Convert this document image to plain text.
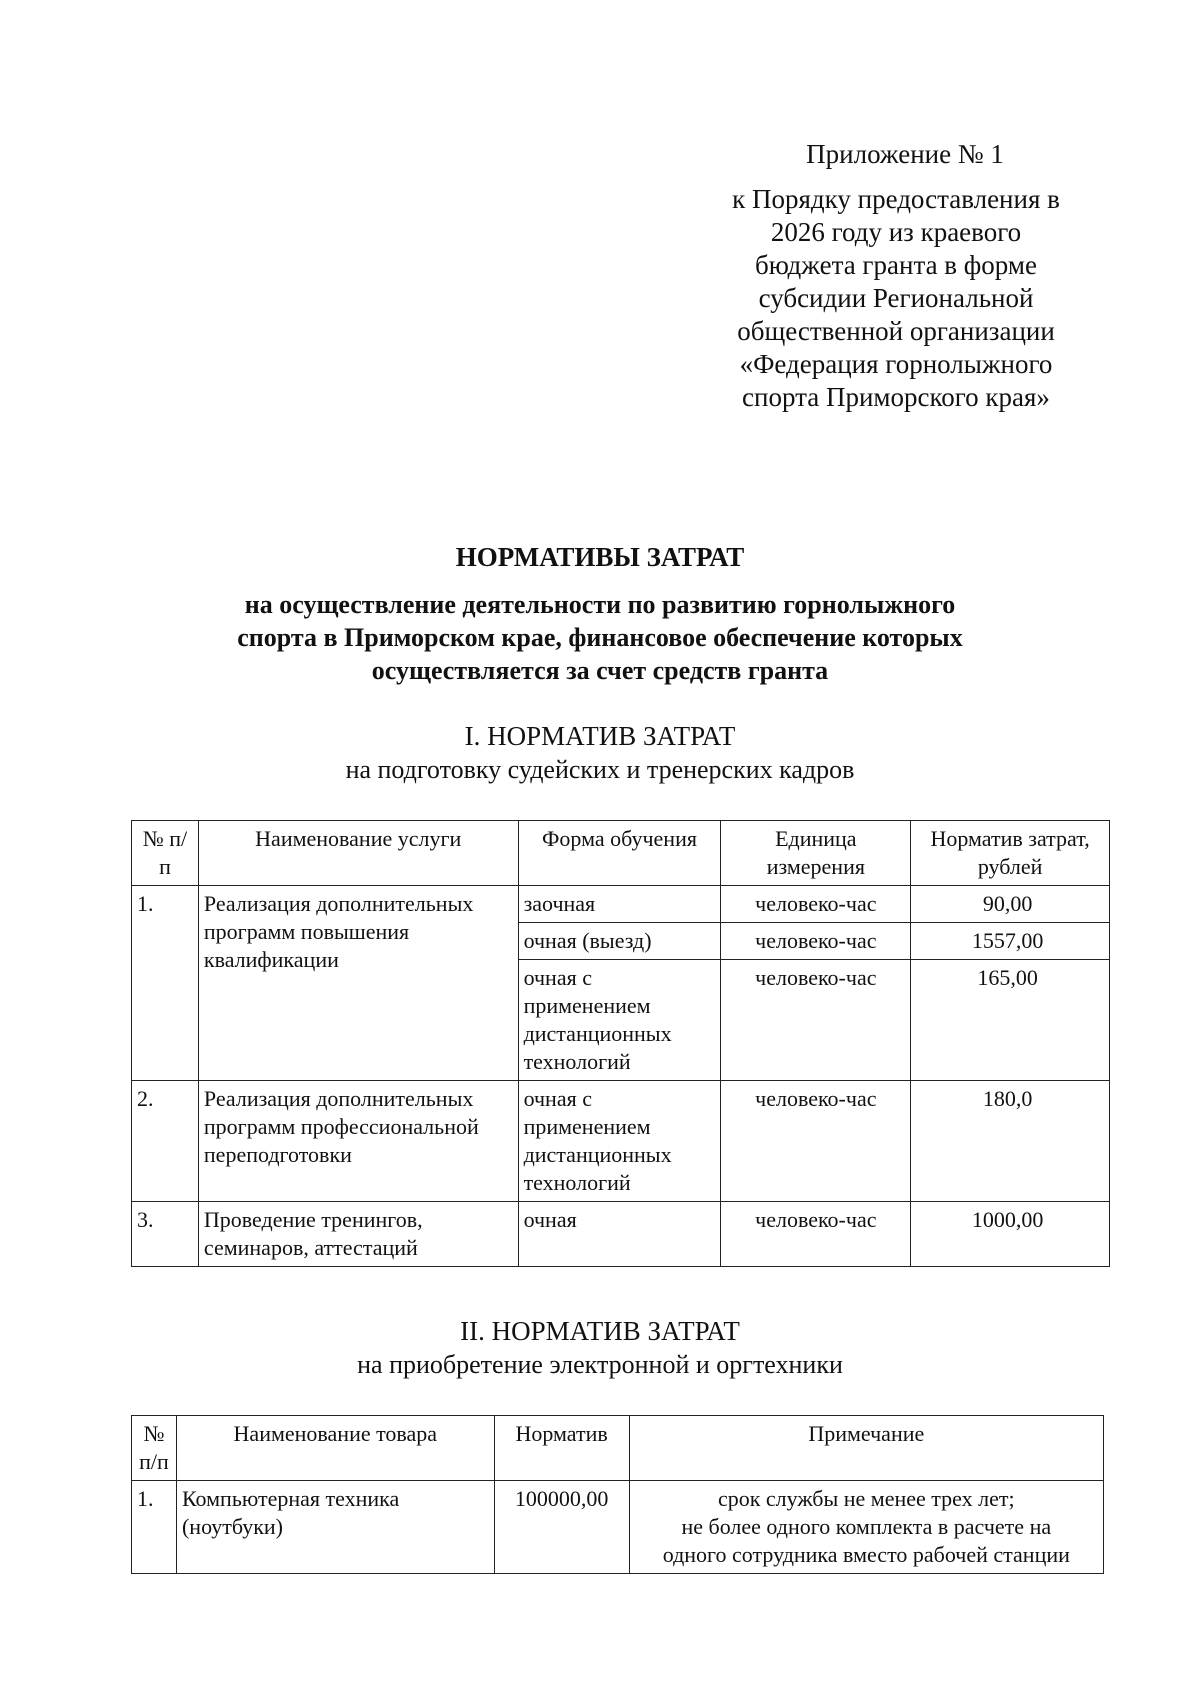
Приложение № 1
к Порядку предоставления в
2026 году из краевого
бюджета гранта в форме
субсидии Региональной
общественной организации
«Федерация горнолыжного
спорта Приморского края»
НОРМАТИВЫ ЗАТРАТ
на осуществление деятельности по развитию горнолыжного
спорта в Приморском крае, финансовое обеспечение которых
осуществляется за счет средств гранта
I. НОРМАТИВ ЗАТРАТ
на подготовку судейских и тренерских кадров
№ п/п	Наименование услуги	Форма обучения	Единица измерения	Норматив затрат, рублей
1.	Реализация дополнительных программ повышения квалификации	заочная	человеко-час	90,00
		очная (выезд)	человеко-час	1557,00
		очная с применением дистанционных технологий	человеко-час	165,00
2.	Реализация дополнительных программ профессиональной переподготовки	очная с применением дистанционных технологий	человеко-час	180,0
3.	Проведение тренингов, семинаров, аттестаций	очная	человеко-час	1000,00
II. НОРМАТИВ ЗАТРАТ
на приобретение электронной и оргтехники
№ п/п	Наименование товара	Норматив	Примечание
1.	Компьютерная техника (ноутбуки)	100000,00	срок службы не менее трех лет;
не более одного комплекта в расчете на
одного сотрудника вместо рабочей станции
